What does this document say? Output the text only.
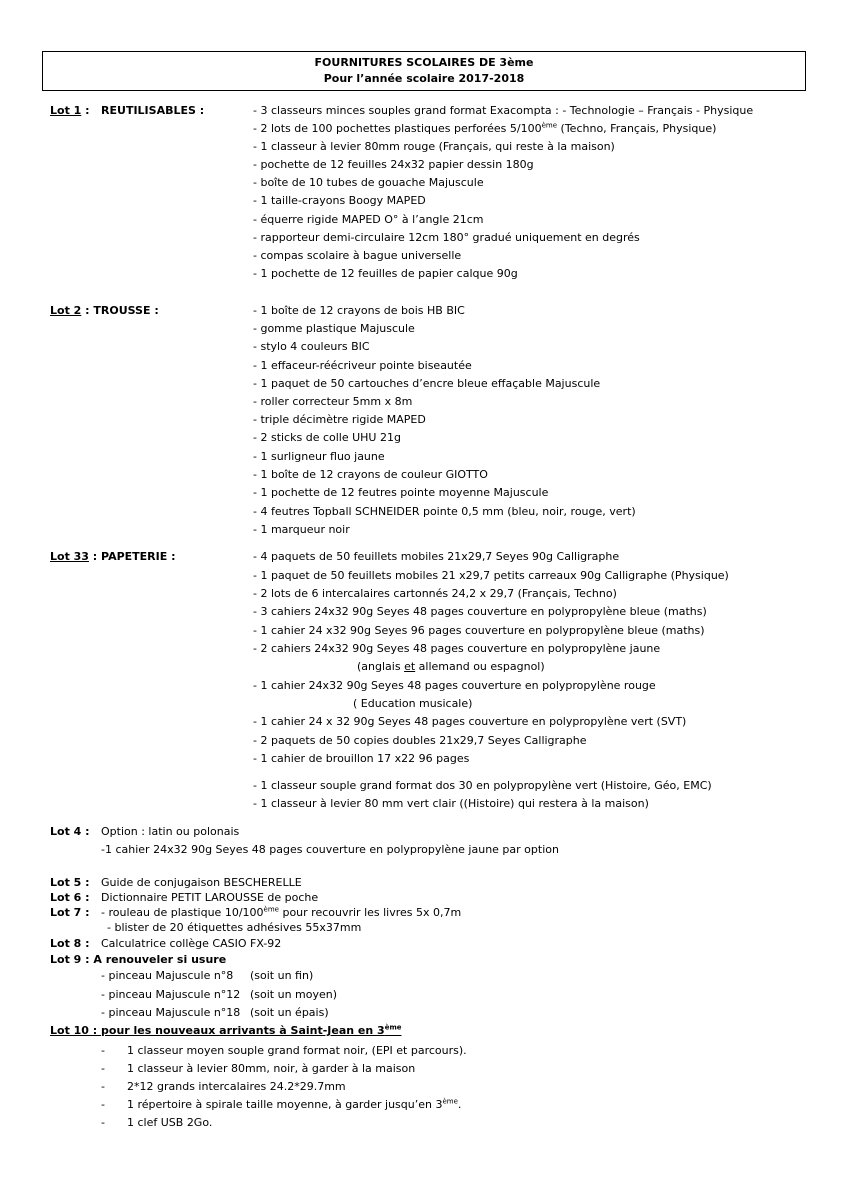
FOURNITURES SCOLAIRES DE 3ème
Pour l’année scolaire 2017-2018
Lot 1 :   REUTILISABLES :	- 3 classeurs minces souples grand format Exacompta : - Technologie – Français - Physique
- 2 lots de 100 pochettes plastiques perforées 5/100ème (Techno, Français, Physique)
- 1 classeur à levier 80mm rouge (Français, qui reste à la maison)
- pochette de 12 feuilles 24x32 papier dessin 180g
- boîte de 10 tubes de gouache Majuscule
- 1 taille-crayons Boogy MAPED
- équerre rigide MAPED O° à l’angle 21cm
- rapporteur demi-circulaire 12cm 180° gradué uniquement en degrés
- compas scolaire à bague universelle
- 1 pochette de 12 feuilles de papier calque 90g
Lot 2 : TROUSSE :	- 1 boîte de 12 crayons de bois HB BIC
- gomme plastique Majuscule
- stylo 4 couleurs BIC
- 1 effaceur-réécriveur pointe biseautée
- 1 paquet de 50 cartouches d’encre bleue effaçable Majuscule
- roller correcteur 5mm x 8m
- triple décimètre rigide MAPED
- 2 sticks de colle UHU 21g
- 1 surligneur fluo jaune
- 1 boîte de 12 crayons de couleur GIOTTO
- 1 pochette de 12 feutres pointe moyenne Majuscule
- 4 feutres Topball SCHNEIDER pointe 0,5 mm (bleu, noir, rouge, vert)
- 1 marqueur noir
Lot 33 : PAPETERIE :	- 4 paquets de 50 feuillets mobiles 21x29,7 Seyes 90g Calligraphe
- 1 paquet de 50 feuillets mobiles 21 x29,7 petits carreaux 90g Calligraphe (Physique)
- 2 lots de 6 intercalaires cartonnés 24,2 x 29,7 (Français, Techno)
- 3 cahiers 24x32 90g Seyes 48 pages couverture en polypropylène bleue (maths)
- 1 cahier 24 x32 90g Seyes 96 pages couverture en polypropylène bleue (maths)
- 2 cahiers 24x32 90g Seyes 48 pages couverture en polypropylène jaune
(anglais et allemand ou espagnol)
- 1 cahier 24x32 90g Seyes 48 pages couverture en polypropylène rouge
( Education musicale)
- 1 cahier 24 x 32 90g Seyes 48 pages couverture en polypropylène vert (SVT)
- 2 paquets de 50 copies doubles 21x29,7 Seyes Calligraphe
- 1 cahier de brouillon 17 x22 96 pages
- 1 classeur souple grand format dos 30 en polypropylène vert (Histoire, Géo, EMC)
- 1 classeur à levier 80 mm vert clair ((Histoire) qui restera à la maison)
Lot 4 : Option : latin ou polonais
-1 cahier 24x32 90g Seyes 48 pages couverture en polypropylène jaune par option
Lot 5 : Guide de conjugaison BESCHERELLE
Lot 6 : Dictionnaire PETIT LAROUSSE de poche
Lot 7 : - rouleau de plastique 10/100ème pour recouvrir les livres 5x 0,7m
- blister de 20 étiquettes adhésives 55x37mm
Lot 8 : Calculatrice collège CASIO FX-92
Lot 9 : A renouveler si usure
- pinceau Majuscule n°8 (soit un fin)
- pinceau Majuscule n°12 (soit un moyen)
- pinceau Majuscule n°18 (soit un épais)
Lot 10 : pour les nouveaux arrivants à Saint-Jean en 3ème
- 1 classeur moyen souple grand format noir, (EPI et parcours).
- 1 classeur à levier 80mm, noir, à garder à la maison
- 2*12 grands intercalaires 24.2*29.7mm
- 1 répertoire à spirale taille moyenne, à garder jusqu’en 3ème.
- 1 clef USB 2Go.
